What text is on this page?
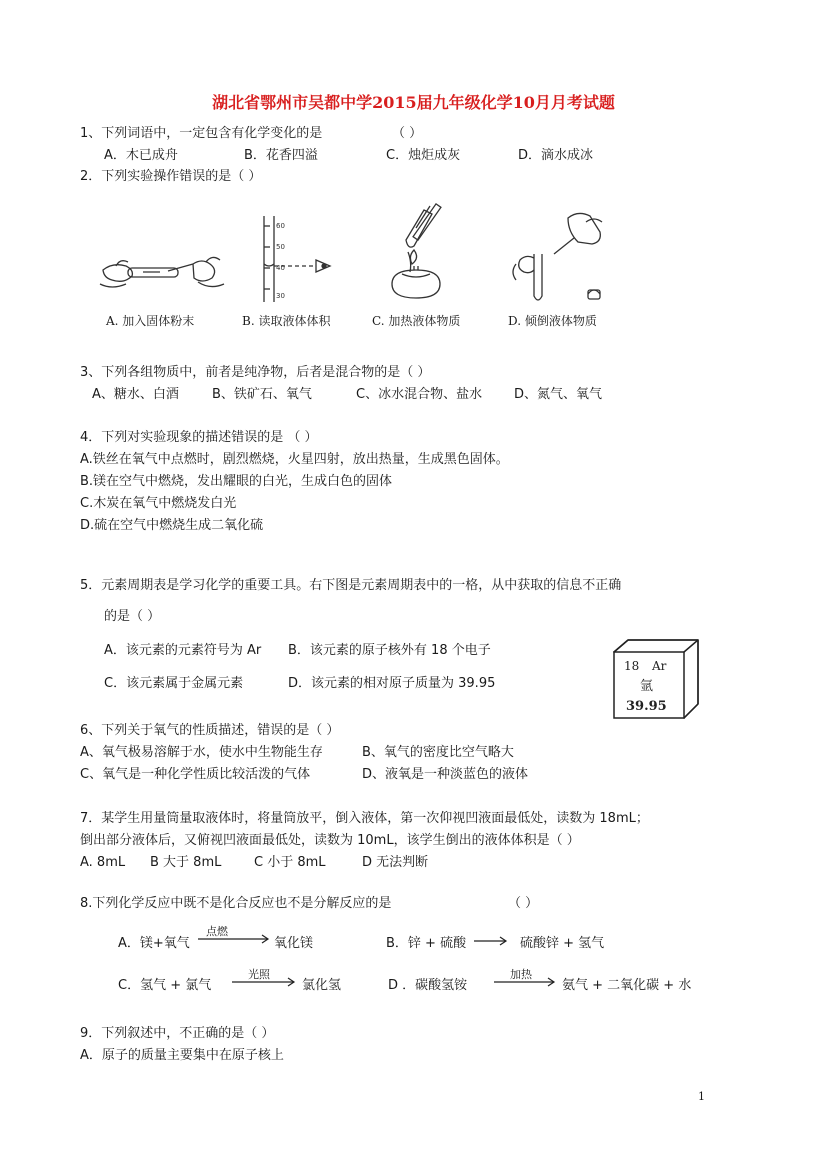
湖北省鄂州市吴都中学2015届九年级化学10月月考试题
1、下列词语中，一定包含有化学变化的是	（ ）
A．木已成舟	B．花香四溢	C．烛炬成灰	D．滴水成冰
2．下列实验操作错误的是（ ）
A. 加入固体粉末
60
50
40
30
B. 读取液体体积	C. 加热液体物质	D. 倾倒液体物质
3、下列各组物质中，前者是纯净物，后者是混合物的是（ ）
A、糖水、白酒	B、铁矿石、氧气	C、冰水混合物、盐水 D、氮气、氧气
4．下列对实验现象的描述错误的是 （ ）
A.铁丝在氧气中点燃时，剧烈燃烧，火星四射，放出热量，生成黑色固体。
B.镁在空气中燃烧，发出耀眼的白光，生成白色的固体
C.木炭在氧气中燃烧发白光
D.硫在空气中燃烧生成二氧化硫
5．元素周期表是学习化学的重要工具。右下图是元素周期表中的一格，从中获取的信息不正确
的是（ ）
A．该元素的元素符号为 Ar B．该元素的原子核外有 18 个电子
C．该元素属于金属元素	D．该元素的相对原子质量为 39.95
18 Ar
氩
39.95
6、下列关于氧气的性质描述，错误的是（ ）
A、氧气极易溶解于水，使水中生物能生存	B、氧气的密度比空气略大
C、氧气是一种化学性质比较活泼的气体	D、液氧是一种淡蓝色的液体
7．某学生用量筒量取液体时，将量筒放平，倒入液体，第一次仰视凹液面最低处，读数为 18mL；
倒出部分液体后，又俯视凹液面最低处，读数为 10mL，该学生倒出的液体体积是（ ）
A. 8mL B 大于 8mL	C 小于 8mL	D 无法判断
8.下列化学反应中既不是化合反应也不是分解反应的是	（ ）
A．镁+氧气
点燃
氧化镁	B．锌 + 硫酸	硫酸锌 + 氢气
C．氢气 + 氯气
光照
氯化氢	D ．碳酸氢铵
加热
氨气 + 二氧化碳 + 水
9．下列叙述中，不正确的是（ ）
A．原子的质量主要集中在原子核上
1
